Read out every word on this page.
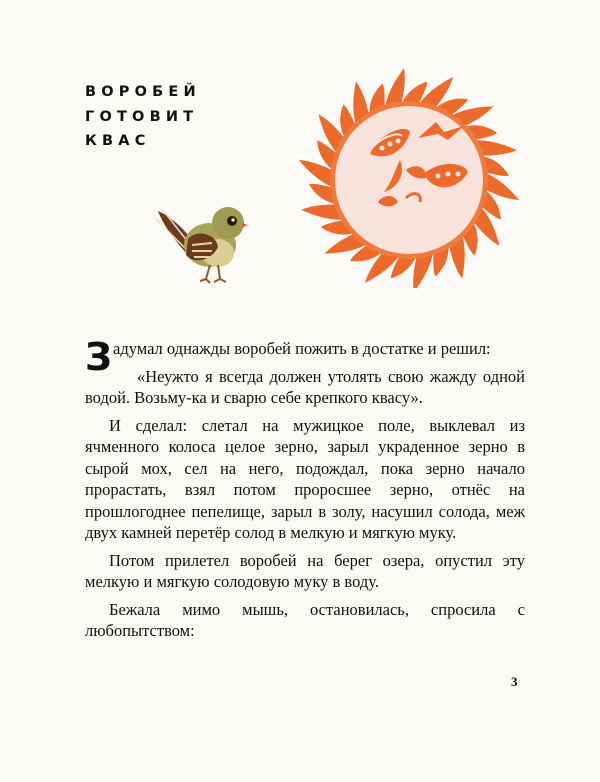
ВОРОБЕЙ
ГОТОВИТ
КВАС

Задумал однажды воробей пожить в достатке и решил:

«Неужто я всегда должен утолять свою жажду одной водой. Возьму-ка и сварю себе крепкого квасу».

И сделал: слетал на мужицкое поле, выклевал из ячменного колоса целое зерно, зарыл украденное зерно в сырой мох, сел на него, подождал, пока зерно начало прорастать, взял потом проросшее зерно, отнёс на прошлогоднее пепелище, зарыл в золу, насушил солода, меж двух камней перетёр солод в мелкую и мягкую муку.

Потом прилетел воробей на берег озера, опустил эту мелкую и мягкую солодовую муку в воду.

Бежала мимо мышь, остановилась, спросила с любопытством:

3
